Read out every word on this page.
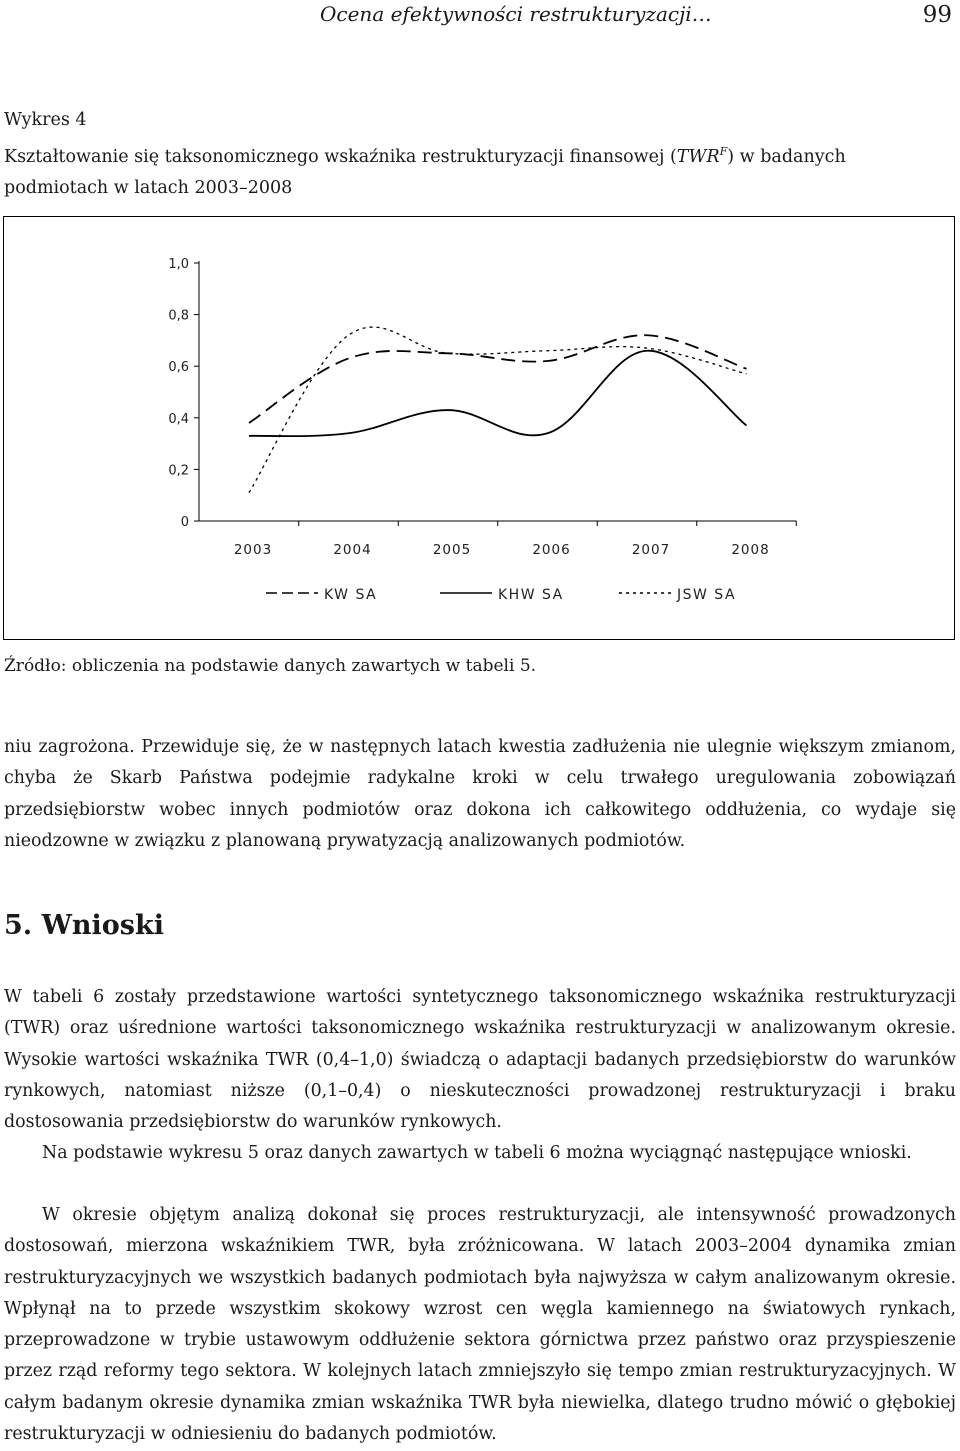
Ocena efektywności restrukturyzacji…	99
Wykres 4
Kształtowanie się taksonomicznego wskaźnika restrukturyzacji finansowej $(TWR^F)$ w badanych podmiotach w latach 2003–2008
1,0
0,8
0,6
0,4
0,2
0
2003	2004	2005	2006	2007	2008
KW SA	KHW SA	JSW SA
Źródło: obliczenia na podstawie danych zawartych w tabeli 5.

niu zagrożona. Przewiduje się, że w następnych latach kwestia zadłużenia nie ulegnie większym zmianom, chyba że Skarb Państwa podejmie radykalne kroki w celu trwałego uregulowania zobowiązań przedsiębiorstw wobec innych podmiotów oraz dokona ich całkowitego oddłużenia, co wydaje się nieodzowne w związku z planowaną prywatyzacją analizowanych podmiotów.

5. Wnioski

W tabeli 6 zostały przedstawione wartości syntetycznego taksonomicznego wskaźnika restrukturyzacji (TWR) oraz uśrednione wartości taksonomicznego wskaźnika restrukturyzacji w analizowanym okresie. Wysokie wartości wskaźnika TWR (0,4–1,0) świadczą o adaptacji badanych przedsiębiorstw do warunków rynkowych, natomiast niższe (0,1–0,4) o nieskuteczności prowadzonej restrukturyzacji i braku dostosowania przedsiębiorstw do warunków rynkowych.

Na podstawie wykresu 5 oraz danych zawartych w tabeli 6 można wyciągnąć następujące wnioski.

W okresie objętym analizą dokonał się proces restrukturyzacji, ale intensywność prowadzonych dostosowań, mierzona wskaźnikiem TWR, była zróżnicowana. W latach 2003–2004 dynamika zmian restrukturyzacyjnych we wszystkich badanych podmiotach była najwyższa w całym analizowanym okresie. Wpłynął na to przede wszystkim skokowy wzrost cen węgla kamiennego na światowych rynkach, przeprowadzone w trybie ustawowym oddłużenie sektora górnictwa przez państwo oraz przyspieszenie przez rząd reformy tego sektora. W kolejnych latach zmniejszyło się tempo zmian restrukturyzacyjnych. W całym badanym okresie dynamika zmian wskaźnika TWR była niewielka, dlatego trudno mówić o głębokiej restrukturyzacji w odniesieniu do badanych podmiotów.
